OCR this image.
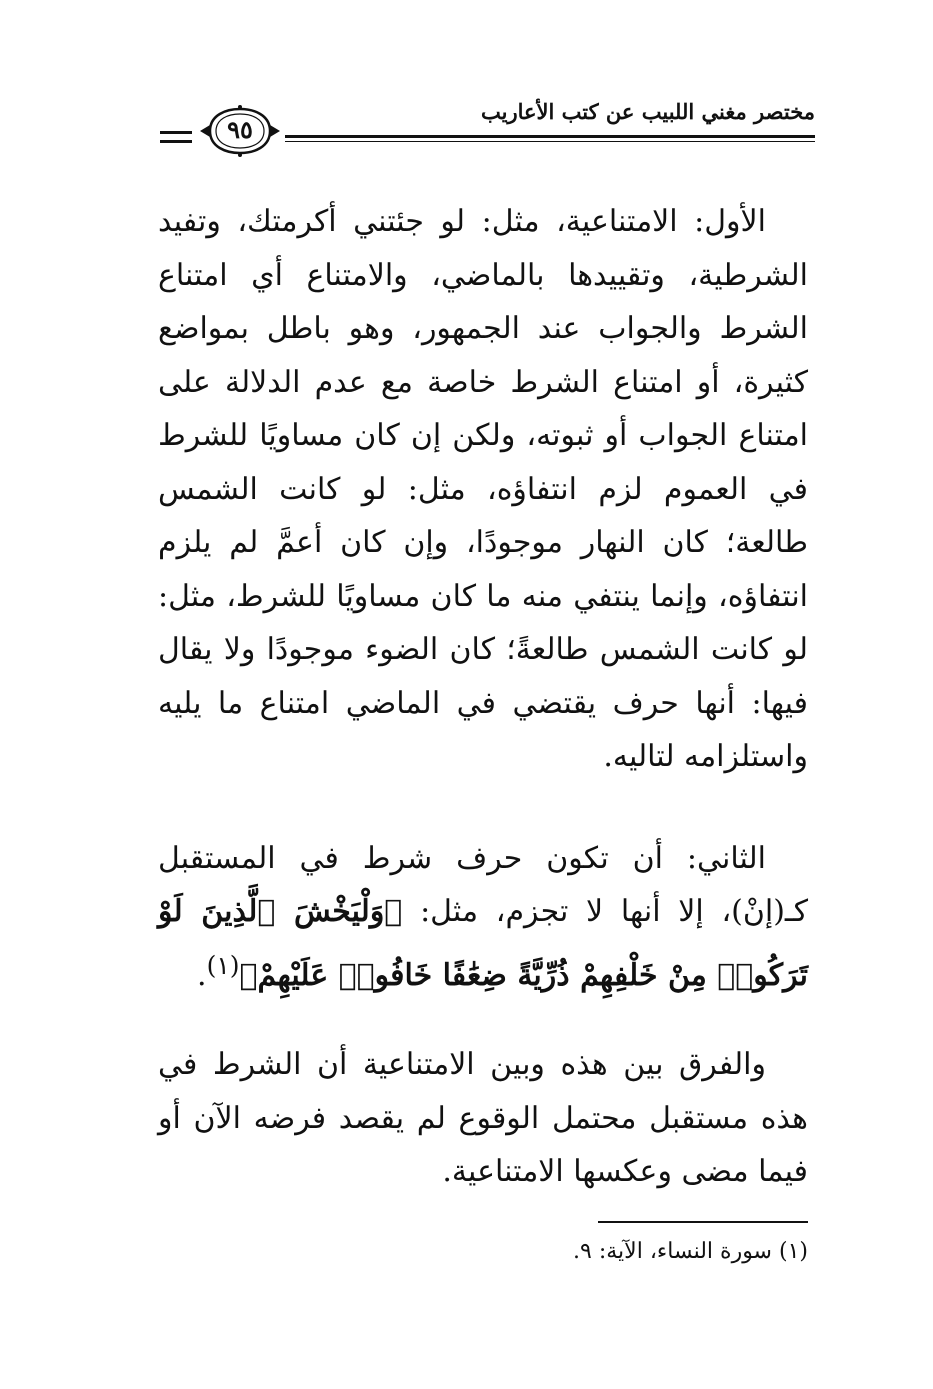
مختصر مغني اللبيب عن كتب الأعاريب
٩٥

الأول: الامتناعية، مثل: لو جئتني أكرمتك، وتفيد الشرطية، وتقييدها بالماضي، والامتناع أي امتناع الشرط والجواب عند الجمهور، وهو باطل بمواضع كثيرة، أو امتناع الشرط خاصة مع عدم الدلالة على امتناع الجواب أو ثبوته، ولكن إن كان مساويًا للشرط في العموم لزم انتفاؤه، مثل: لو كانت الشمس طالعة؛ كان النهار موجودًا، وإن كان أعمَّ لم يلزم انتفاؤه، وإنما ينتفي منه ما كان مساويًا للشرط، مثل: لو كانت الشمس طالعةً؛ كان الضوء موجودًا ولا يقال فيها: أنها حرف يقتضي في الماضي امتناع ما يليه واستلزامه لتاليه.

الثاني: أن تكون حرف شرط في المستقبل كـ(إنْ)، إلا أنها لا تجزم، مثل: ﴿وَلْيَخْشَ ٱلَّذِينَ لَوْ تَرَكُوا۟ مِنْ خَلْفِهِمْ ذُرِّيَّةً ضِعَٰفًا خَافُوا۟ عَلَيْهِمْ﴾$^{(١)}$.

والفرق بين هذه وبين الامتناعية أن الشرط في هذه مستقبل محتمل الوقوع لم يقصد فرضه الآن أو فيما مضى وعكسها الامتناعية.

(١) سورة النساء، الآية: ٩.
